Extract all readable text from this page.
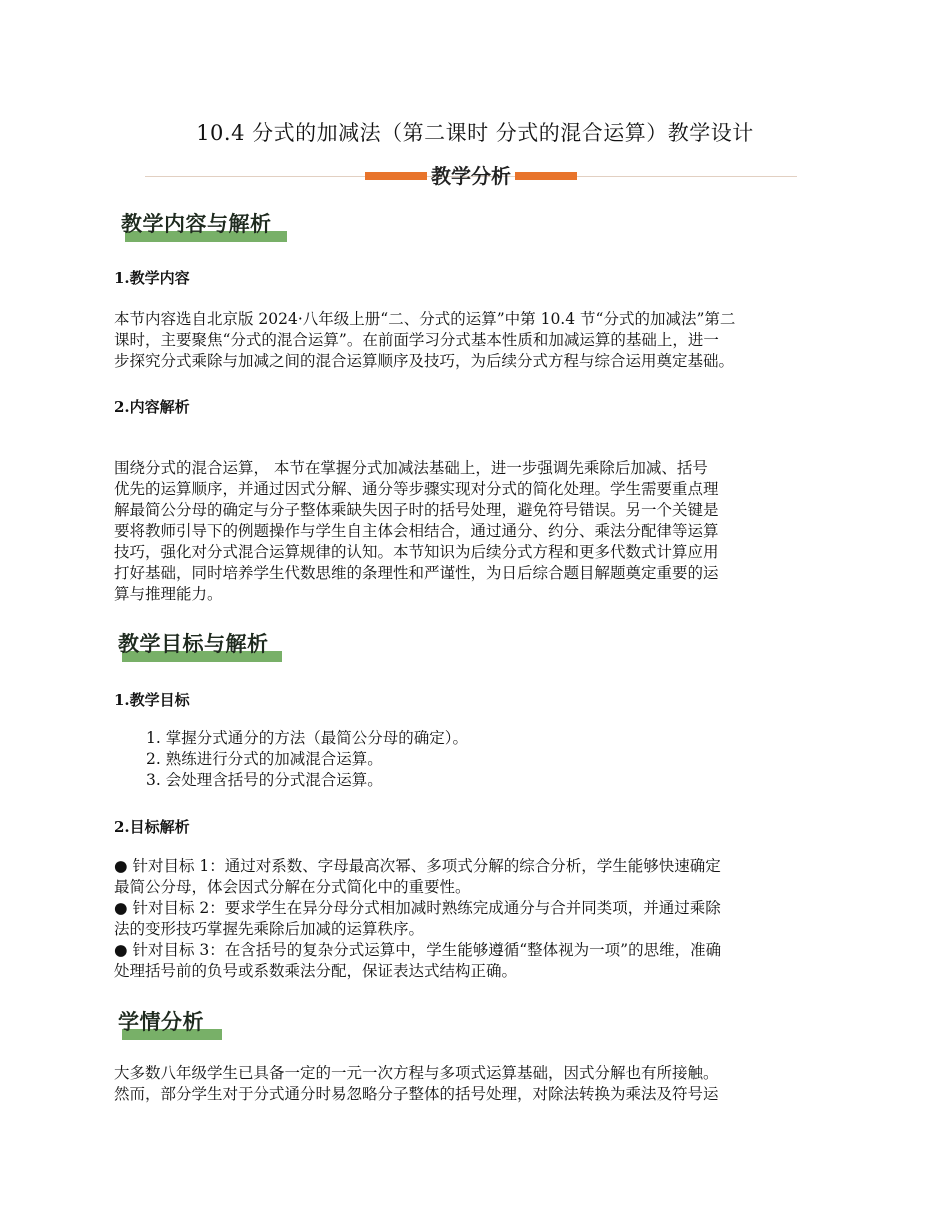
10.4 分式的加减法（第二课时 分式的混合运算）教学设计
教学分析
教学内容与解析
1.教学内容
本节内容选自北京版 2024·八年级上册“二、分式的运算”中第 10.4 节“分式的加减法”第二
课时，主要聚焦“分式的混合运算”。在前面学习分式基本性质和加减运算的基础上，进一
步探究分式乘除与加减之间的混合运算顺序及技巧，为后续分式方程与综合运用奠定基础。
2.内容解析
围绕分式的混合运算， 本节在掌握分式加减法基础上，进一步强调先乘除后加减、括号
优先的运算顺序，并通过因式分解、通分等步骤实现对分式的简化处理。学生需要重点理
解最简公分母的确定与分子整体乘缺失因子时的括号处理，避免符号错误。另一个关键是
要将教师引导下的例题操作与学生自主体会相结合，通过通分、约分、乘法分配律等运算
技巧，强化对分式混合运算规律的认知。本节知识为后续分式方程和更多代数式计算应用
打好基础，同时培养学生代数思维的条理性和严谨性，为日后综合题目解题奠定重要的运
算与推理能力。
教学目标与解析
1.教学目标
1. 掌握分式通分的方法（最简公分母的确定）。
2. 熟练进行分式的加减混合运算。
3. 会处理含括号的分式混合运算。
2.目标解析
● 针对目标 1：通过对系数、字母最高次幂、多项式分解的综合分析，学生能够快速确定
最简公分母，体会因式分解在分式简化中的重要性。
● 针对目标 2：要求学生在异分母分式相加减时熟练完成通分与合并同类项，并通过乘除
法的变形技巧掌握先乘除后加减的运算秩序。
● 针对目标 3：在含括号的复杂分式运算中，学生能够遵循“整体视为一项”的思维，准确
处理括号前的负号或系数乘法分配，保证表达式结构正确。
学情分析
大多数八年级学生已具备一定的一元一次方程与多项式运算基础，因式分解也有所接触。
然而，部分学生对于分式通分时易忽略分子整体的括号处理，对除法转换为乘法及符号运
